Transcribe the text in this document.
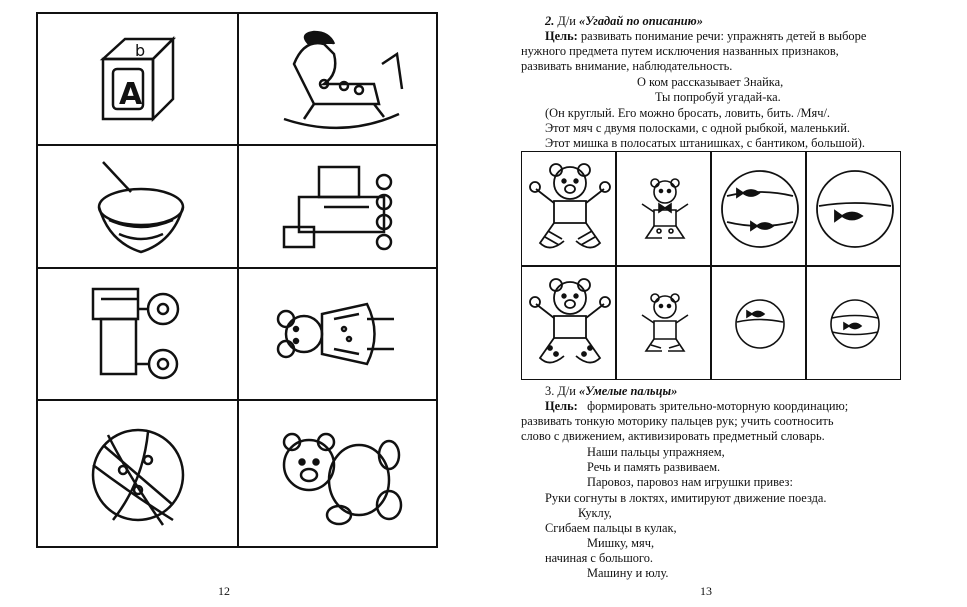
A
b
12
2. Д/и «Угадай по описанию»
Цель: развивать понимание речи: упражнять детей в выборе
нужного предмета путем исключения названных признаков,
развивать внимание, наблюдательность.
О ком рассказывает Знайка,
Ты попробуй угадай-ка.
(Он круглый. Его можно бросать, ловить, бить. /Мяч/.
Этот мяч с двумя полосками, с одной рыбкой, маленький.
Этот мишка в полосатых штанишках, с бантиком, большой).
3. Д/и «Умелые пальцы»
Цель: формировать зрительно-моторную координацию;
развивать тонкую моторику пальцев рук; учить соотносить
слово с движением, активизировать предметный словарь.
Наши пальцы упражняем,
Речь и память развиваем.
Паровоз, паровоз нам игрушки привез:
Руки согнуты в локтях, имитируют движение поезда.
Куклу,
Сгибаем пальцы в кулак,
Мишку, мяч,
начиная с большого.
Машину и юлу.
13
